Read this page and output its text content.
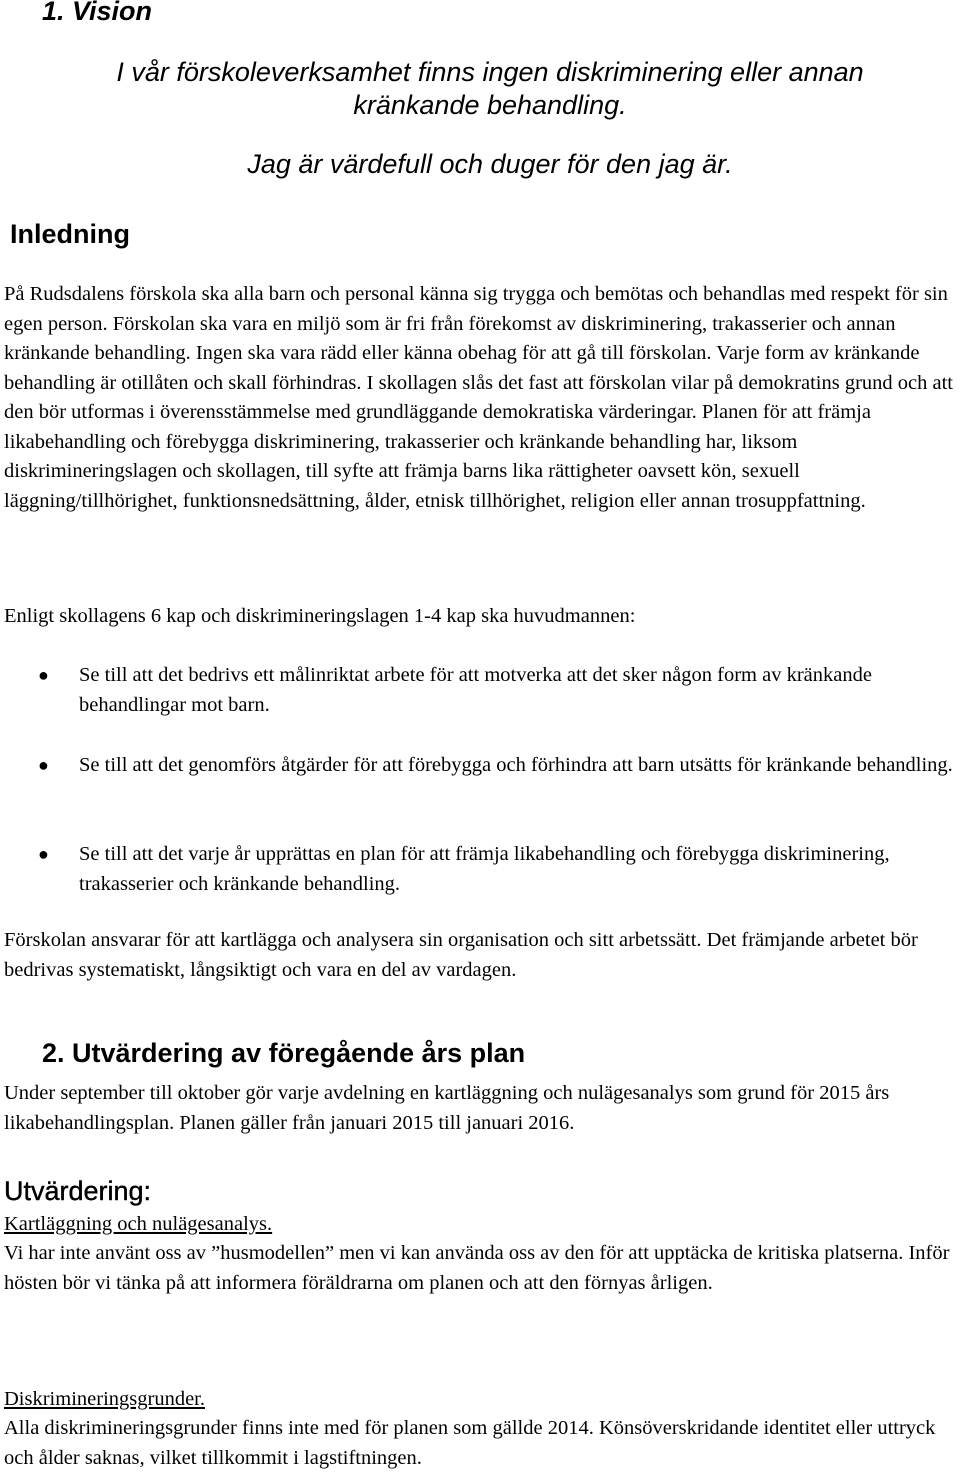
1. Vision
I vår förskoleverksamhet finns ingen diskriminering eller annan
kränkande behandling.
Jag är värdefull och duger för den jag är.
Inledning

På Rudsdalens förskola ska alla barn och personal känna sig trygga och bemötas och behandlas med respekt för sin egen person. Förskolan ska vara en miljö som är fri från förekomst av diskriminering, trakasserier och annan kränkande behandling. Ingen ska vara rädd eller känna obehag för att gå till förskolan. Varje form av kränkande behandling är otillåten och skall förhindras. I skollagen slås det fast att förskolan vilar på demokratins grund och att den bör utformas i överensstämmelse med grundläggande demokratiska värderingar. Planen för att främja likabehandling och förebygga diskriminering, trakasserier och kränkande behandling har, liksom diskrimineringslagen och skollagen, till syfte att främja barns lika rättigheter oavsett kön, sexuell läggning/tillhörighet, funktionsnedsättning, ålder, etnisk tillhörighet, religion eller annan trosuppfattning.

Enligt skollagens 6 kap och diskrimineringslagen 1-4 kap ska huvudmannen:

● Se till att det bedrivs ett målinriktat arbete för att motverka att det sker någon form av kränkande behandlingar mot barn.

● Se till att det genomförs åtgärder för att förebygga och förhindra att barn utsätts för kränkande behandling.

● Se till att det varje år upprättas en plan för att främja likabehandling och förebygga diskriminering, trakasserier och kränkande behandling.

Förskolan ansvarar för att kartlägga och analysera sin organisation och sitt arbetssätt. Det främjande arbetet bör bedrivas systematiskt, långsiktigt och vara en del av vardagen.

2. Utvärdering av föregående års plan

Under september till oktober gör varje avdelning en kartläggning och nulägesanalys som grund för 2015 års likabehandlingsplan. Planen gäller från januari 2015 till januari 2016.

Utvärdering:

Kartläggning och nulägesanalys.

Vi har inte använt oss av ”husmodellen” men vi kan använda oss av den för att upptäcka de kritiska platserna. Inför hösten bör vi tänka på att informera föräldrarna om planen och att den förnyas årligen.

Diskrimineringsgrunder.

Alla diskrimineringsgrunder finns inte med för planen som gällde 2014. Könsöverskridande identitet eller uttryck och ålder saknas, vilket tillkommit i lagstiftningen.
